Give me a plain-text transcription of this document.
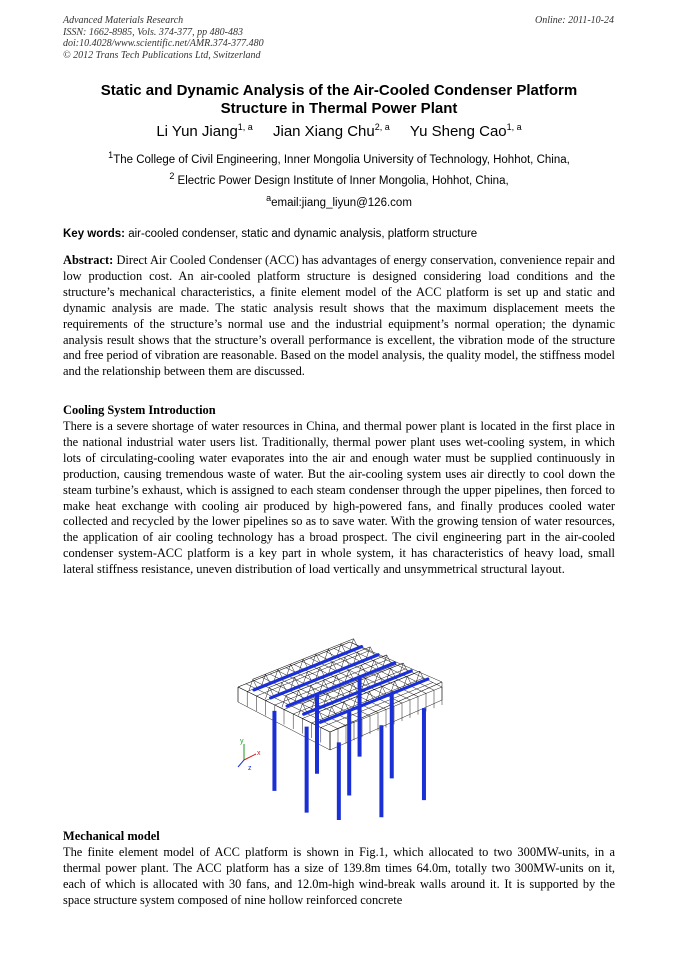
Advanced Materials Research
ISSN: 1662-8985, Vols. 374-377, pp 480-483
doi:10.4028/www.scientific.net/AMR.374-377.480
© 2012 Trans Tech Publications Ltd, Switzerland
Online: 2011-10-24
Static and Dynamic Analysis of the Air-Cooled Condenser Platform
Structure in Thermal Power Plant
Li Yun Jiang$^{1, a}$ Jian Xiang Chu$^{2, a}$ Yu Sheng Cao$^{1, a}$
$^1$The College of Civil Engineering, Inner Mongolia University of Technology, Hohhot, China,
$^2$ Electric Power Design Institute of Inner Mongolia, Hohhot, China,
$^a$email:jiang_liyun@126.com
Key words: air-cooled condenser, static and dynamic analysis, platform structure
Abstract: Direct Air Cooled Condenser (ACC) has advantages of energy conservation, convenience repair and low production cost. An air-cooled platform structure is designed considering load conditions and the structure’s mechanical characteristics, a finite element model of the ACC platform is set up and static and dynamic analysis are made. The static analysis result shows that the maximum displacement meets the requirements of the structure’s normal use and the industrial equipment’s normal operation; the dynamic analysis result shows that the structure’s overall performance is excellent, the vibration mode of the structure and free period of vibration are reasonable. Based on the model analysis, the quality model, the stiffness model and the relationship between them are discussed.
Cooling System Introduction
There is a severe shortage of water resources in China, and thermal power plant is located in the first place in the national industrial water users list. Traditionally, thermal power plant uses wet-cooling system, in which lots of circulating-cooling water evaporates into the air and enough water must be supplied continuously in production, causing tremendous waste of water. But the air-cooling system uses air directly to cool down the steam turbine’s exhaust, which is assigned to each steam condenser through the upper pipelines, then forced to make heat exchange with cooling air produced by high-powered fans, and finally produces cooled water collected and recycled by the lower pipelines so as to save water. With the growing tension of water resources, the application of air cooling technology has a broad prospect. The civil engineering part in the air-cooled condenser system-ACC platform is a key part in whole system, it has characteristics of heavy load, small lateral stiffness resistance, uneven distribution of load vertically and unsymmetrical structural layout.
y
x
z
Mechanical model
The finite element model of ACC platform is shown in Fig.1, which allocated to two 300MW-units, in a thermal power plant. The ACC platform has a size of 139.8m times 64.0m, totally two 300MW-units on it, each of which is allocated with 30 fans, and 12.0m-high wind-break walls around it. It is supported by the space structure system composed of nine hollow reinforced concrete
